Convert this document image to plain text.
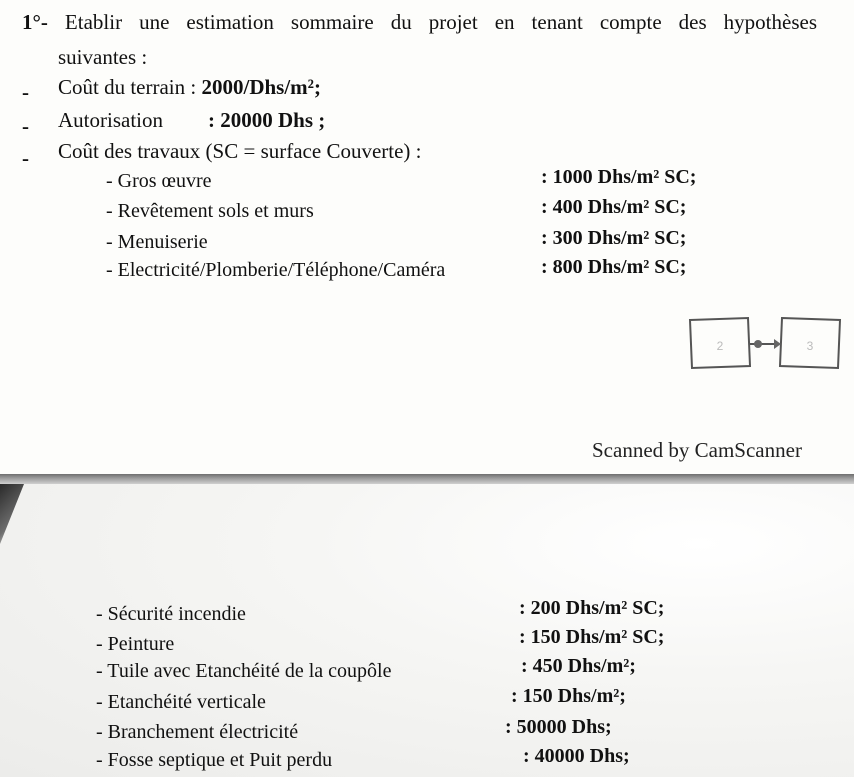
1°- Etablir une estimation sommaire du projet en tenant compte des hypothèses
suivantes :
- Coût du terrain : 2000/Dhs/m²;
- Autorisation : 20000 Dhs ;
- Coût des travaux (SC = surface Couverte) :
- Gros œuvre	: 1000 Dhs/m² SC;
- Revêtement sols et murs	: 400 Dhs/m² SC;
- Menuiserie	: 300 Dhs/m² SC;
- Electricité/Plomberie/Téléphone/Caméra	: 800 Dhs/m² SC;
2	3
Scanned by CamScanner
- Sécurité incendie	: 200 Dhs/m² SC;
- Peinture	: 150 Dhs/m² SC;
- Tuile avec Etanchéité de la coupôle	: 450 Dhs/m²;
- Etanchéité verticale	: 150 Dhs/m²;
- Branchement électricité	: 50000 Dhs;
- Fosse septique et Puit perdu	: 40000 Dhs;
